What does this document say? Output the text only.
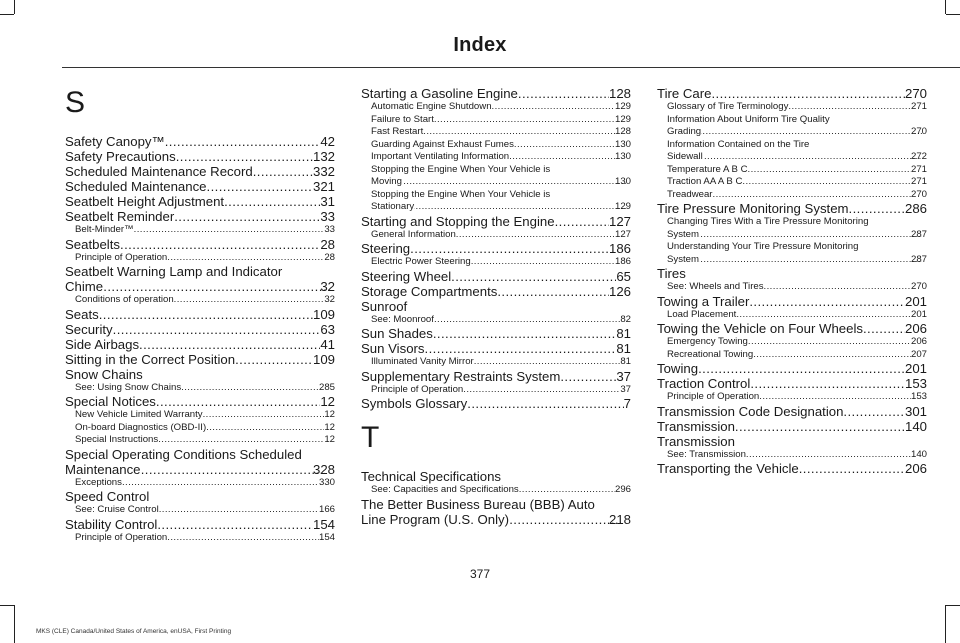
Index
S
Safety Canopy™ .....	42
Safety Precautions .....	132
Scheduled Maintenance Record .....	332
Scheduled Maintenance .....	321
Seatbelt Height Adjustment .....	31
Seatbelt Reminder .....	33
Belt-Minder™ .....	33
Seatbelts .....	28
Principle of Operation .....	28
Seatbelt Warning Lamp and Indicator
Chime .....	32
Conditions of operation .....	32
Seats .....	109
Security .....	63
Side Airbags .....	41
Sitting in the Correct Position .....	109
Snow Chains
See: Using Snow Chains .....	285
Special Notices .....	12
New Vehicle Limited Warranty .....	12
On-board Diagnostics (OBD-II) .....	12
Special Instructions .....	12
Special Operating Conditions Scheduled
Maintenance .....	328
Exceptions .....	330
Speed Control
See: Cruise Control .....	166
Stability Control .....	154
Principle of Operation .....	154
Starting a Gasoline Engine .....	128
Automatic Engine Shutdown .....	129
Failure to Start .....	129
Fast Restart .....	128
Guarding Against Exhaust Fumes .....	130
Important Ventilating Information .....	130
Stopping the Engine When Your Vehicle is
Moving .....	130
Stopping the Engine When Your Vehicle is
Stationary .....	129
Starting and Stopping the Engine .....	127
General Information .....	127
Steering .....	186
Electric Power Steering .....	186
Steering Wheel .....	65
Storage Compartments .....	126
Sunroof
See: Moonroof .....	82
Sun Shades .....	81
Sun Visors .....	81
Illuminated Vanity Mirror .....	81
Supplementary Restraints System .....	37
Principle of Operation .....	37
Symbols Glossary .....	7
T
Technical Specifications
See: Capacities and Specifications .....	296
The Better Business Bureau (BBB) Auto
Line Program (U.S. Only) .....	218
Tire Care .....	270
Glossary of Tire Terminology .....	271
Information About Uniform Tire Quality
Grading .....	270
Information Contained on the Tire
Sidewall .....	272
Temperature A B C .....	271
Traction AA A B C .....	271
Treadwear .....	270
Tire Pressure Monitoring System .....	286
Changing Tires With a Tire Pressure Monitoring
System .....	287
Understanding Your Tire Pressure Monitoring
System .....	287
Tires
See: Wheels and Tires .....	270
Towing a Trailer .....	201
Load Placement .....	201
Towing the Vehicle on Four Wheels .....	206
Emergency Towing .....	206
Recreational Towing .....	207
Towing .....	201
Traction Control .....	153
Principle of Operation .....	153
Transmission Code Designation .....	301
Transmission .....	140
Transmission
See: Transmission .....	140
Transporting the Vehicle .....	206
377
MKS (CLE) Canada/United States of America, enUSA, First Printing
